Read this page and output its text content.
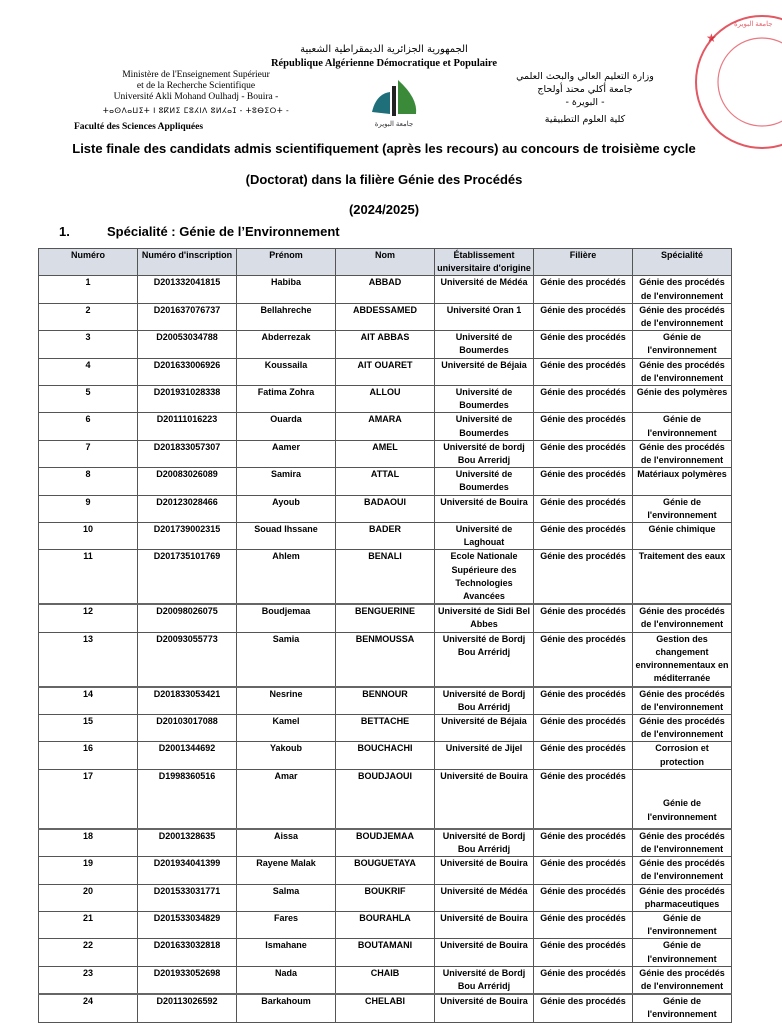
الجمهورية الجزائرية الديمقراطية الشعبية
République Algérienne Démocratique et Populaire
Ministère de l'Enseignement Supérieur
et de la Recherche Scientifique
Université Akli Mohand Oulhadj - Bouira -
ⵜⴰⵙⴷⴰⵡⵉⵜ ⵏ ⵓⴽⵍⵉ ⵎⵓⵃⵏⴷ ⵓⵍⵃⴰⵊ - ⵜⵓⴱⵉⵔⵜ -
Faculté des Sciences Appliquées	جامعة البويرة
وزارة التعليم العالي والبحث العلمي
جامعة أكلي محند أولحاج
- البويرة -
كلية العلوم التطبيقية
★
جامعة البويرة
Liste finale des candidats admis scientifiquement (après les recours) au concours de troisième cycle
(Doctorat) dans la filière Génie des Procédés
(2024/2025)
1.	Spécialité : Génie de l’Environnement
Numéro	Numéro d'inscription	Prénom	Nom	Établissement universitaire d'origine	Filière	Spécialité
1	D201332041815	Habiba	ABBAD	Université de Médéa	Génie des procédés	Génie des procédés de l'environnement
2	D201637076737	Bellahreche	ABDESSAMED	Université Oran 1	Génie des procédés	Génie des procédés de l'environnement
3	D20053034788	Abderrezak	AIT ABBAS	Université de Boumerdes	Génie des procédés	Génie de l'environnement
4	D201633006926	Koussaila	AIT OUARET	Université de Béjaia	Génie des procédés	Génie des procédés de l'environnement
5	D201931028338	Fatima Zohra	ALLOU	Université de Boumerdes	Génie des procédés	Génie des polymères
6	D20111016223	Ouarda	AMARA	Université de Boumerdes	Génie des procédés	Génie de l'environnement
7	D201833057307	Aamer	AMEL	Université de bordj Bou Arreridj	Génie des procédés	Génie des procédés de l'environnement
8	D20083026089	Samira	ATTAL	Université de Boumerdes	Génie des procédés	Matériaux polymères
9	D20123028466	Ayoub	BADAOUI	Université de Bouira	Génie des procédés	Génie de l'environnement
10	D201739002315	Souad Ihssane	BADER	Université de Laghouat	Génie des procédés	Génie chimique
11	D201735101769	Ahlem	BENALI	Ecole Nationale Supérieure des Technologies Avancées	Génie des procédés	Traitement des eaux
12	D20098026075	Boudjemaa	BENGUERINE	Université de Sidi Bel Abbes	Génie des procédés	Génie des procédés de l'environnement
13	D20093055773	Samia	BENMOUSSA	Université de Bordj Bou Arréridj	Génie des procédés	Gestion des changement environnementaux en méditerranée
14	D201833053421	Nesrine	BENNOUR	Université de Bordj Bou Arréridj	Génie des procédés	Génie des procédés de l'environnement
15	D20103017088	Kamel	BETTACHE	Université de Béjaia	Génie des procédés	Génie des procédés de l'environnement
16	D2001344692	Yakoub	BOUCHACHI	Université de Jijel	Génie des procédés	Corrosion et protection
17	D1998360516	Amar	BOUDJAOUI	Université de Bouira	Génie des procédés	Génie de l'environnement
18	D2001328635	Aissa	BOUDJEMAA	Université de Bordj Bou Arréridj	Génie des procédés	Génie des procédés de l'environnement
19	D201934041399	Rayene Malak	BOUGUETAYA	Université de Bouira	Génie des procédés	Génie des procédés de l'environnement
20	D201533031771	Salma	BOUKRIF	Université de Médéa	Génie des procédés	Génie des procédés pharmaceutiques
21	D201533034829	Fares	BOURAHLA	Université de Bouira	Génie des procédés	Génie de l'environnement
22	D201633032818	Ismahane	BOUTAMANI	Université de Bouira	Génie des procédés	Génie de l'environnement
23	D201933052698	Nada	CHAIB	Université de Bordj Bou Arréridj	Génie des procédés	Génie des procédés de l'environnement
24	D20113026592	Barkahoum	CHELABI	Université de Bouira	Génie des procédés	Génie de l'environnement
